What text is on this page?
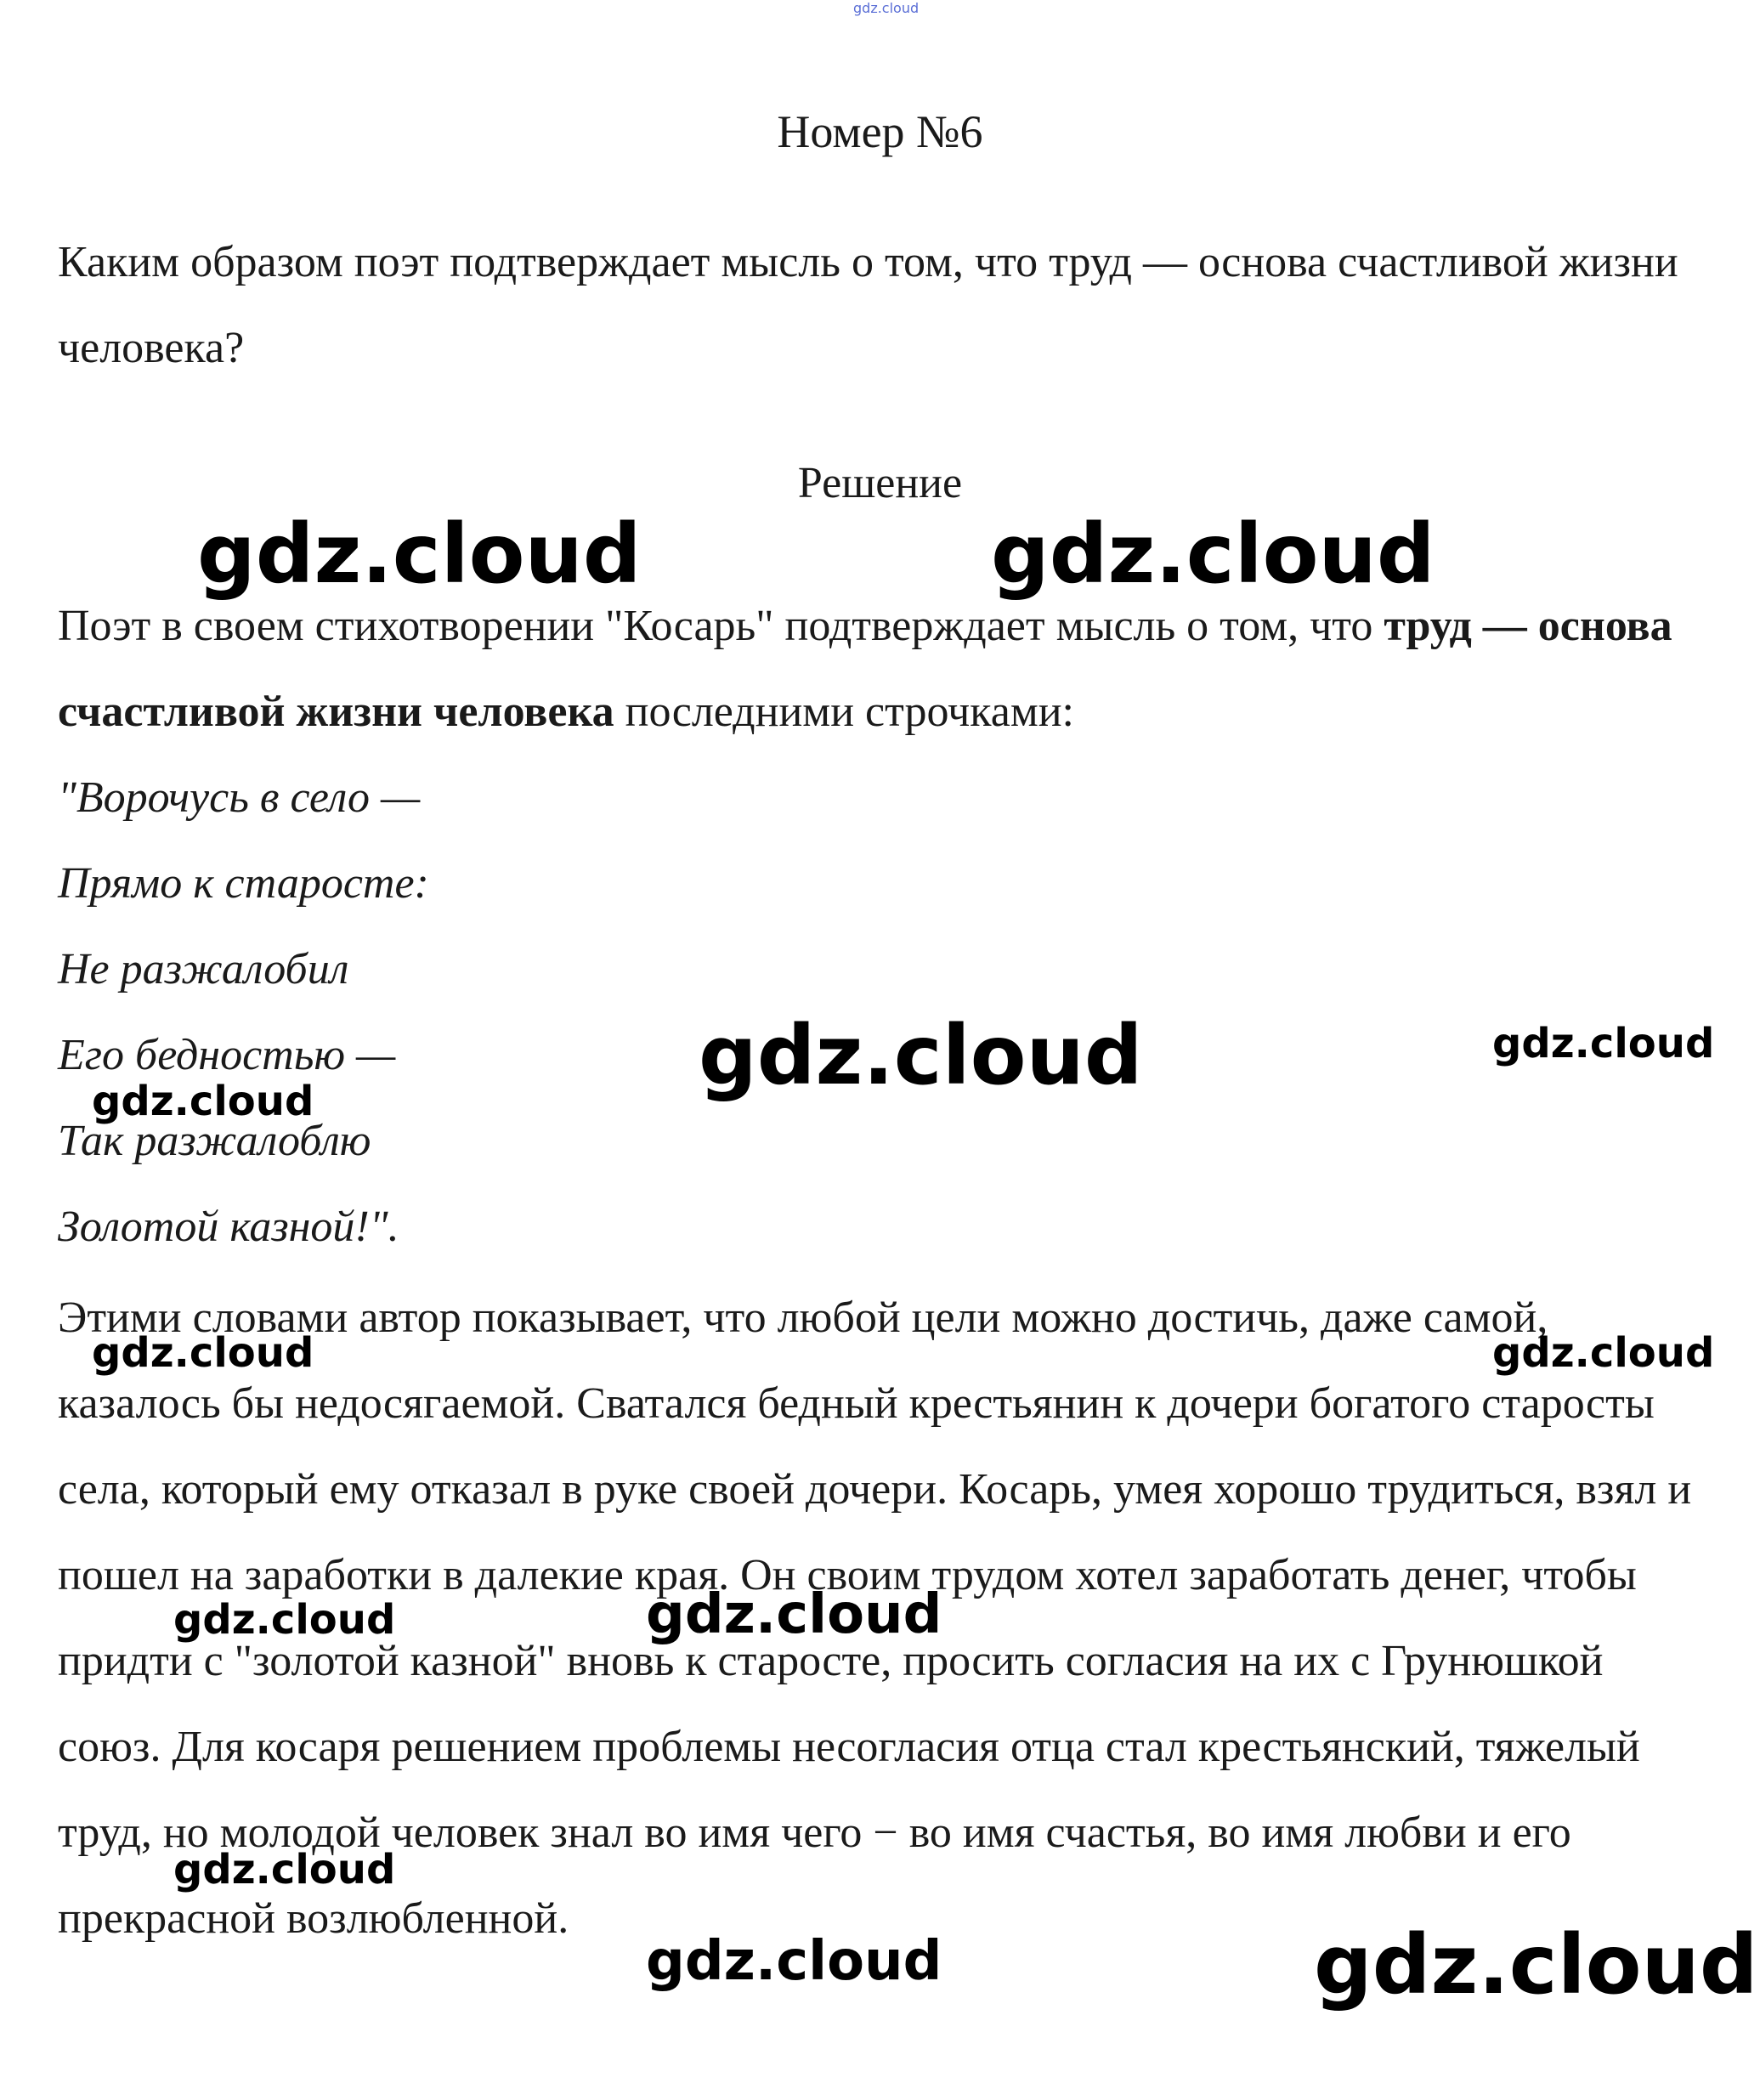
gdz.cloud
Номер №6

Каким образом поэт подтверждает мысль о том, что труд — основа счастливой жизни человека?

Решение

Поэт в своем стихотворении "Косарь" подтверждает мысль о том, что труд — основа счастливой жизни человека последними строчками:

"Ворочусь в село —
Прямо к старосте:
Не разжалобил
Его бедностью —
Так разжалоблю
Золотой казной!".

Этими словами автор показывает, что любой цели можно достичь, даже самой, казалось бы недосягаемой. Сватался бедный крестьянин к дочери богатого старосты села, который ему отказал в руке своей дочери. Косарь, умея хорошо трудиться, взял и пошел на заработки в далекие края. Он своим трудом хотел заработать денег, чтобы придти с "золотой казной" вновь к старосте, просить согласия на их с Грунюшкой союз. Для косаря решением проблемы несогласия отца стал крестьянский, тяжелый труд, но молодой человек знал во имя чего − во имя счастья, во имя любви и его прекрасной возлюбленной.

gdz.cloud	gdz.cloud
gdz.cloud	gdz.cloud
gdz.cloud
gdz.cloud	gdz.cloud
gdz.cloud
gdz.cloud
gdz.cloud
gdz.cloud	gdz.cloud
